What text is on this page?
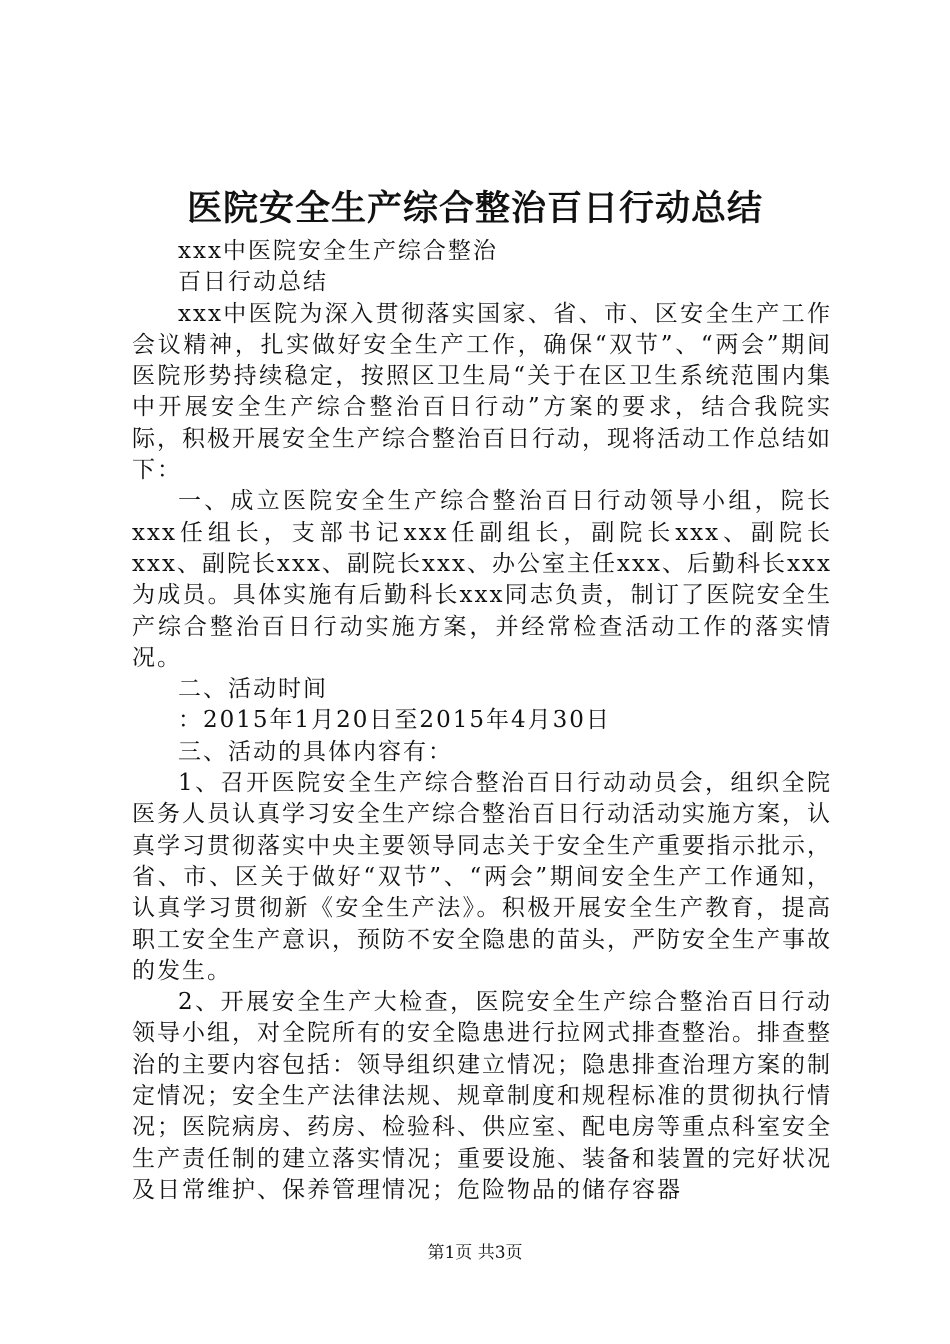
医院安全生产综合整治百日行动总结

xxx中医院安全生产综合整治

百日行动总结

xxx中医院为深入贯彻落实国家、省、市、区安全生产工作会议精神，扎实做好安全生产工作，确保“双节”、“两会”期间医院形势持续稳定，按照区卫生局“关于在区卫生系统范围内集中开展安全生产综合整治百日行动”方案的要求，结合我院实际，积极开展安全生产综合整治百日行动，现将活动工作总结如下：

一、成立医院安全生产综合整治百日行动领导小组，院长xxx任组长，支部书记xxx任副组长，副院长xxx、副院长xxx、副院长xxx、副院长xxx、办公室主任xxx、后勤科长xxx为成员。具体实施有后勤科长xxx同志负责，制订了医院安全生产综合整治百日行动实施方案，并经常检查活动工作的落实情况。

二、活动时间

：2015年1月20日至2015年4月30日

三、活动的具体内容有：

1、召开医院安全生产综合整治百日行动动员会，组织全院医务人员认真学习安全生产综合整治百日行动活动实施方案，认真学习贯彻落实中央主要领导同志关于安全生产重要指示批示，省、市、区关于做好“双节”、“两会”期间安全生产工作通知，认真学习贯彻新《安全生产法》。积极开展安全生产教育，提高职工安全生产意识，预防不安全隐患的苗头，严防安全生产事故的发生。

2、开展安全生产大检查，医院安全生产综合整治百日行动领导小组，对全院所有的安全隐患进行拉网式排查整治。排查整治的主要内容包括：领导组织建立情况；隐患排查治理方案的制定情况；安全生产法律法规、规章制度和规程标准的贯彻执行情况；医院病房、药房、检验科、供应室、配电房等重点科室安全生产责任制的建立落实情况；重要设施、装备和装置的完好状况及日常维护、保养管理情况；危险物品的储存容器

第1页 共3页
